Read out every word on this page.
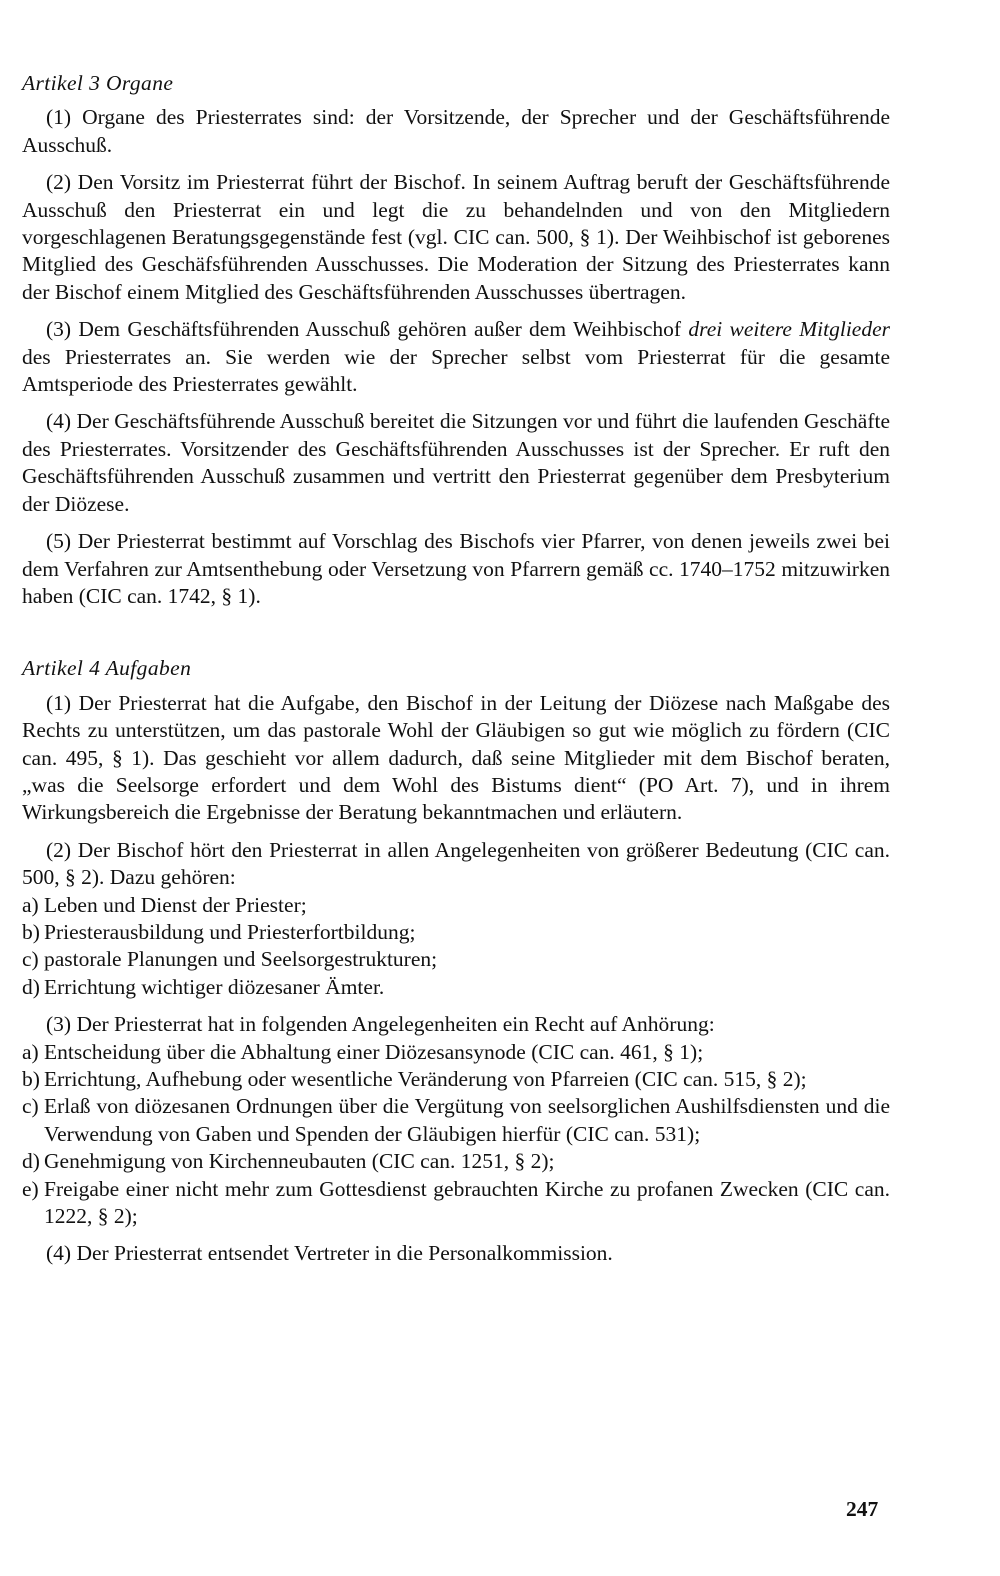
Artikel 3 Organe

(1) Organe des Priesterrates sind: der Vorsitzende, der Sprecher und der Geschäftsführende Ausschuß.

(2) Den Vorsitz im Priesterrat führt der Bischof. In seinem Auftrag beruft der Geschäftsführende Ausschuß den Priesterrat ein und legt die zu behandelnden und von den Mitgliedern vorgeschlagenen Beratungsgegenstände fest (vgl. CIC can. 500, § 1). Der Weihbischof ist geborenes Mitglied des Geschäfsführenden Ausschusses. Die Moderation der Sitzung des Priesterrates kann der Bischof einem Mitglied des Geschäftsführenden Ausschusses übertragen.

(3) Dem Geschäftsführenden Ausschuß gehören außer dem Weihbischof drei weitere Mitglieder des Priesterrates an. Sie werden wie der Sprecher selbst vom Priesterrat für die gesamte Amtsperiode des Priesterrates gewählt.

(4) Der Geschäftsführende Ausschuß bereitet die Sitzungen vor und führt die laufenden Geschäfte des Priesterrates. Vorsitzender des Geschäftsführenden Ausschusses ist der Sprecher. Er ruft den Geschäftsführenden Ausschuß zusammen und vertritt den Priesterrat gegenüber dem Presbyterium der Diözese.

(5) Der Priesterrat bestimmt auf Vorschlag des Bischofs vier Pfarrer, von denen jeweils zwei bei dem Verfahren zur Amtsenthebung oder Versetzung von Pfarrern gemäß cc. 1740–1752 mitzuwirken haben (CIC can. 1742, § 1).

Artikel 4 Aufgaben

(1) Der Priesterrat hat die Aufgabe, den Bischof in der Leitung der Diözese nach Maßgabe des Rechts zu unterstützen, um das pastorale Wohl der Gläubigen so gut wie möglich zu fördern (CIC can. 495, § 1). Das geschieht vor allem dadurch, daß seine Mitglieder mit dem Bischof beraten, „was die Seelsorge erfordert und dem Wohl des Bistums dient“ (PO Art. 7), und in ihrem Wirkungsbereich die Ergebnisse der Beratung bekanntmachen und erläutern.

(2) Der Bischof hört den Priesterrat in allen Angelegenheiten von größerer Bedeutung (CIC can. 500, § 2). Dazu gehören:

a) Leben und Dienst der Priester;
b) Priesterausbildung und Priesterfortbildung;
c) pastorale Planungen und Seelsorgestrukturen;
d) Errichtung wichtiger diözesaner Ämter.

(3) Der Priesterrat hat in folgenden Angelegenheiten ein Recht auf Anhörung:

a) Entscheidung über die Abhaltung einer Diözesansynode (CIC can. 461, § 1);
b) Errichtung, Aufhebung oder wesentliche Veränderung von Pfarreien (CIC can. 515, § 2);
c) Erlaß von diözesanen Ordnungen über die Vergütung von seelsorglichen Aushilfsdiensten und die Verwendung von Gaben und Spenden der Gläubigen hierfür (CIC can. 531);
d) Genehmigung von Kirchenneubauten (CIC can. 1251, § 2);
e) Freigabe einer nicht mehr zum Gottesdienst gebrauchten Kirche zu profanen Zwecken (CIC can. 1222, § 2);

(4) Der Priesterrat entsendet Vertreter in die Personalkommission.

247
